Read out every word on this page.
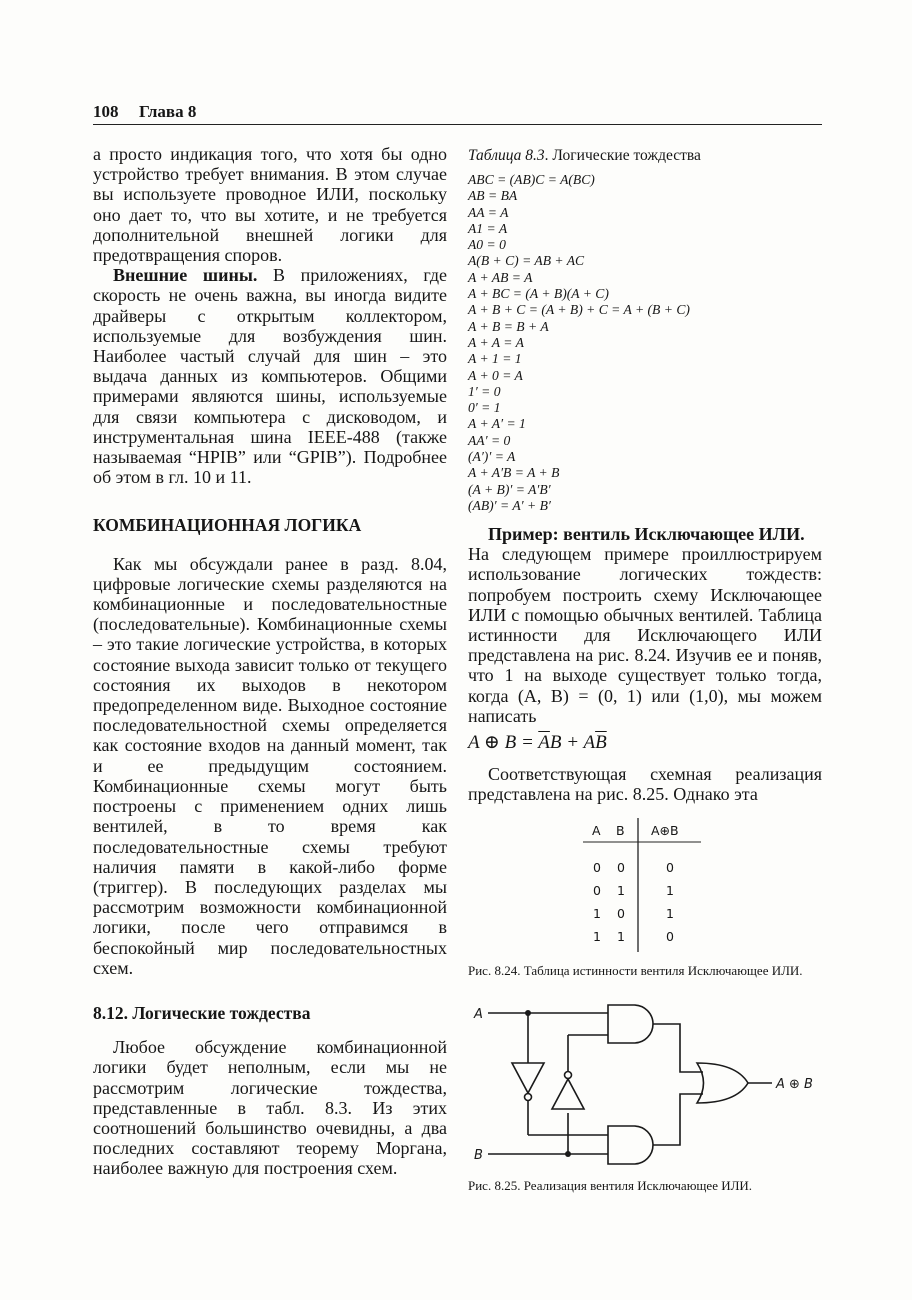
108 Глава 8

а просто индикация того, что хотя бы одно устройство требует внимания. В этом случае вы используете проводное ИЛИ, поскольку оно дает то, что вы хотите, и не требуется дополнительной внешней логики для предотвращения споров.

Внешние шины. В приложениях, где скорость не очень важна, вы иногда видите драйверы с открытым коллектором, используемые для возбуждения шин. Наиболее частый случай для шин – это выдача данных из компьютеров. Общими примерами являются шины, используемые для связи компьютера с дисководом, и инструментальная шина IEEE-488 (также называемая “HPIB” или “GPIB”). Подробнее об этом в гл. 10 и 11.

КОМБИНАЦИОННАЯ ЛОГИКА

Как мы обсуждали ранее в разд. 8.04, цифровые логические схемы разделяются на комбинационные и последовательностные (последовательные). Комбинационные схемы – это такие логические устройства, в которых состояние выхода зависит только от текущего состояния их выходов в некотором предопределенном виде. Выходное состояние последовательностной схемы определяется как состояние входов на данный момент, так и ее предыдущим состоянием. Комбинационные схемы могут быть построены с применением одних лишь вентилей, в то время как последовательностные схемы требуют наличия памяти в какой-либо форме (триггер). В последующих разделах мы рассмотрим возможности комбинационной логики, после чего отправимся в беспокойный мир последовательностных схем.

8.12. Логические тождества

Любое обсуждение комбинационной логики будет неполным, если мы не рассмотрим логические тождества, представленные в табл. 8.3. Из этих соотношений большинство очевидны, а два последних составляют теорему Моргана, наиболее важную для построения схем.

Таблица 8.3. Логические тождества
ABC = (AB)C = A(BC)
AB = BA
AA = A
A1 = A
A0 = 0
A(B + C) = AB + AC
A + AB = A
A + BC = (A + B)(A + C)
A + B + C = (A + B) + C = A + (B + C)
A + B = B + A
A + A = A
A + 1 = 1
A + 0 = A
1′ = 0
0′ = 1
A + A′ = 1
AA′ = 0
(A′)′ = A
A + A′B = A + B
(A + B)′ = A′B′
(AB)′ = A′ + B′

Пример: вентиль Исключающее ИЛИ.

На следующем примере проиллюстрируем использование логических тождеств: попробуем построить схему Исключающее ИЛИ с помощью обычных вентилей. Таблица истинности для Исключающего ИЛИ представлена на рис. 8.24. Изучив ее и поняв, что 1 на выходе существует только тогда, когда (A, B) = (0, 1) или (1,0), мы можем написать

A ⊕ $B = \overline{A}B + A\overline{B}$

Соответствующая схемная реализация представлена на рис. 8.25. Однако эта

A B A⊕B
0 0	0
0 1	1
1 0	1
1 1	0
Рис. 8.24. Таблица истинности вентиля Исключающее ИЛИ.
A
B
A ⊕ B
Рис. 8.25. Реализация вентиля Исключающее ИЛИ.
